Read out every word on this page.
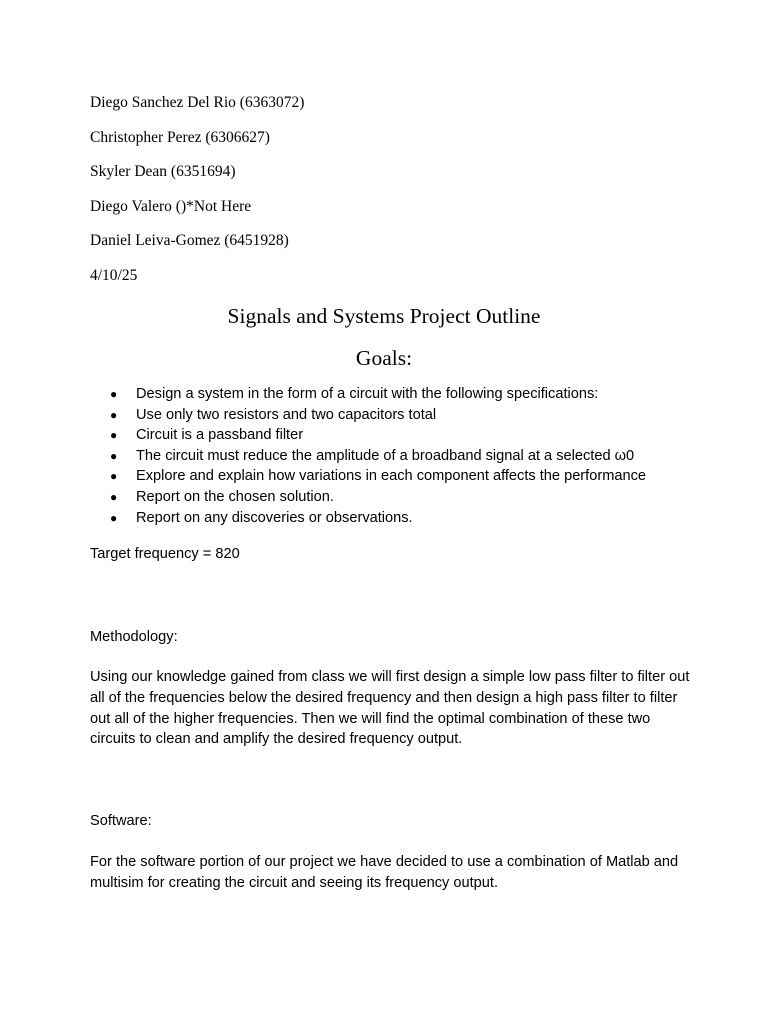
Diego Sanchez Del Rio (6363072)
Christopher Perez (6306627)
Skyler Dean (6351694)
Diego Valero ()*Not Here
Daniel Leiva-Gomez (6451928)
4/10/25
Signals and Systems Project Outline
Goals:
● Design a system in the form of a circuit with the following specifications:
● Use only two resistors and two capacitors total
● Circuit is a passband filter
● The circuit must reduce the amplitude of a broadband signal at a selected ω0
● Explore and explain how variations in each component affects the performance
● Report on the chosen solution.
● Report on any discoveries or observations.

Target frequency = 820

Methodology:

Using our knowledge gained from class we will first design a simple low pass filter to filter out all of the frequencies below the desired frequency and then design a high pass filter to filter out all of the higher frequencies. Then we will find the optimal combination of these two circuits to clean and amplify the desired frequency output.

Software:

For the software portion of our project we have decided to use a combination of Matlab and multisim for creating the circuit and seeing its frequency output.
